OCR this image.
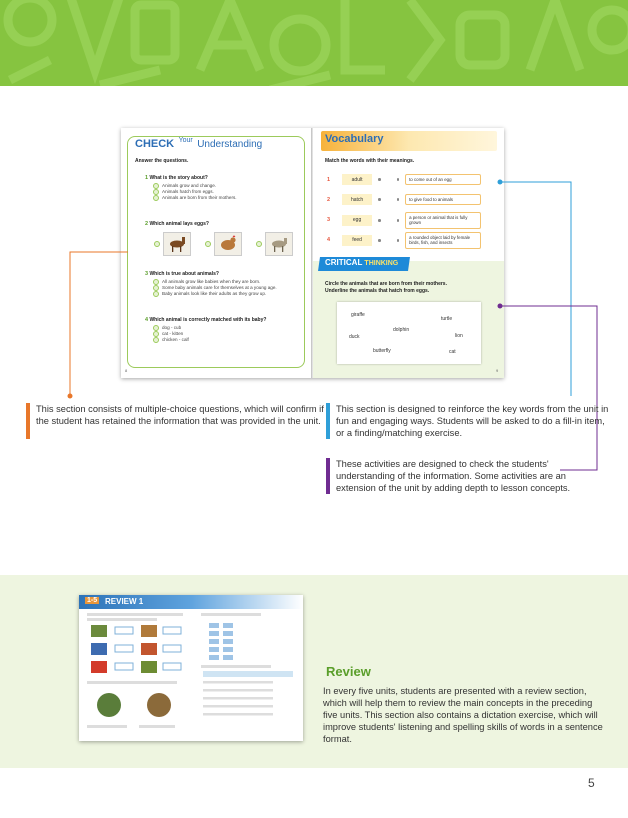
CHECK $^{Your}$ Understanding
Answer the questions.
1 What is the story about?
Animals grow and change.
Animals hatch from eggs.
Animals are born from their mothers.
2 Which animal lays eggs?
3 Which is true about animals?
All animals grow like babies when they are born.
Some baby animals care for themselves at a young age.
Baby animals look like their adults as they grow up.
4 Which animal is correctly matched with its baby?
dog - cub
cat - kitten
chicken - calf
8
Vocabulary
Match the words with their meanings.
1	adult	to come out of an egg
2	hatch	to give food to animals
3	egg	a person or animal that is fully grown
4	feed	a rounded object laid by female birds, fish, and insects
CRITICAL THINKING
Circle the animals that are born from their mothers.
Underline the animals that hatch from eggs.
giraffe
turtle
dolphin
duck	lion
butterfly	cat
9
This section consists of multiple-choice questions, which will confirm if the student has retained the information that was provided in the unit.
This section is designed to reinforce the key words from the unit in fun and engaging ways. Students will be asked to do a fill-in item, or a finding/matching exercise.
These activities are designed to check the students' understanding of the information. Some activities are an extension of the unit by adding depth to lesson concepts.
1-5 REVIEW 1
Review
In every five units, students are presented with a review section, which will help them to review the main concepts in the preceding five units. This section also contains a dictation exercise, which will improve students' listening and spelling skills of words in a sentence format.
5
